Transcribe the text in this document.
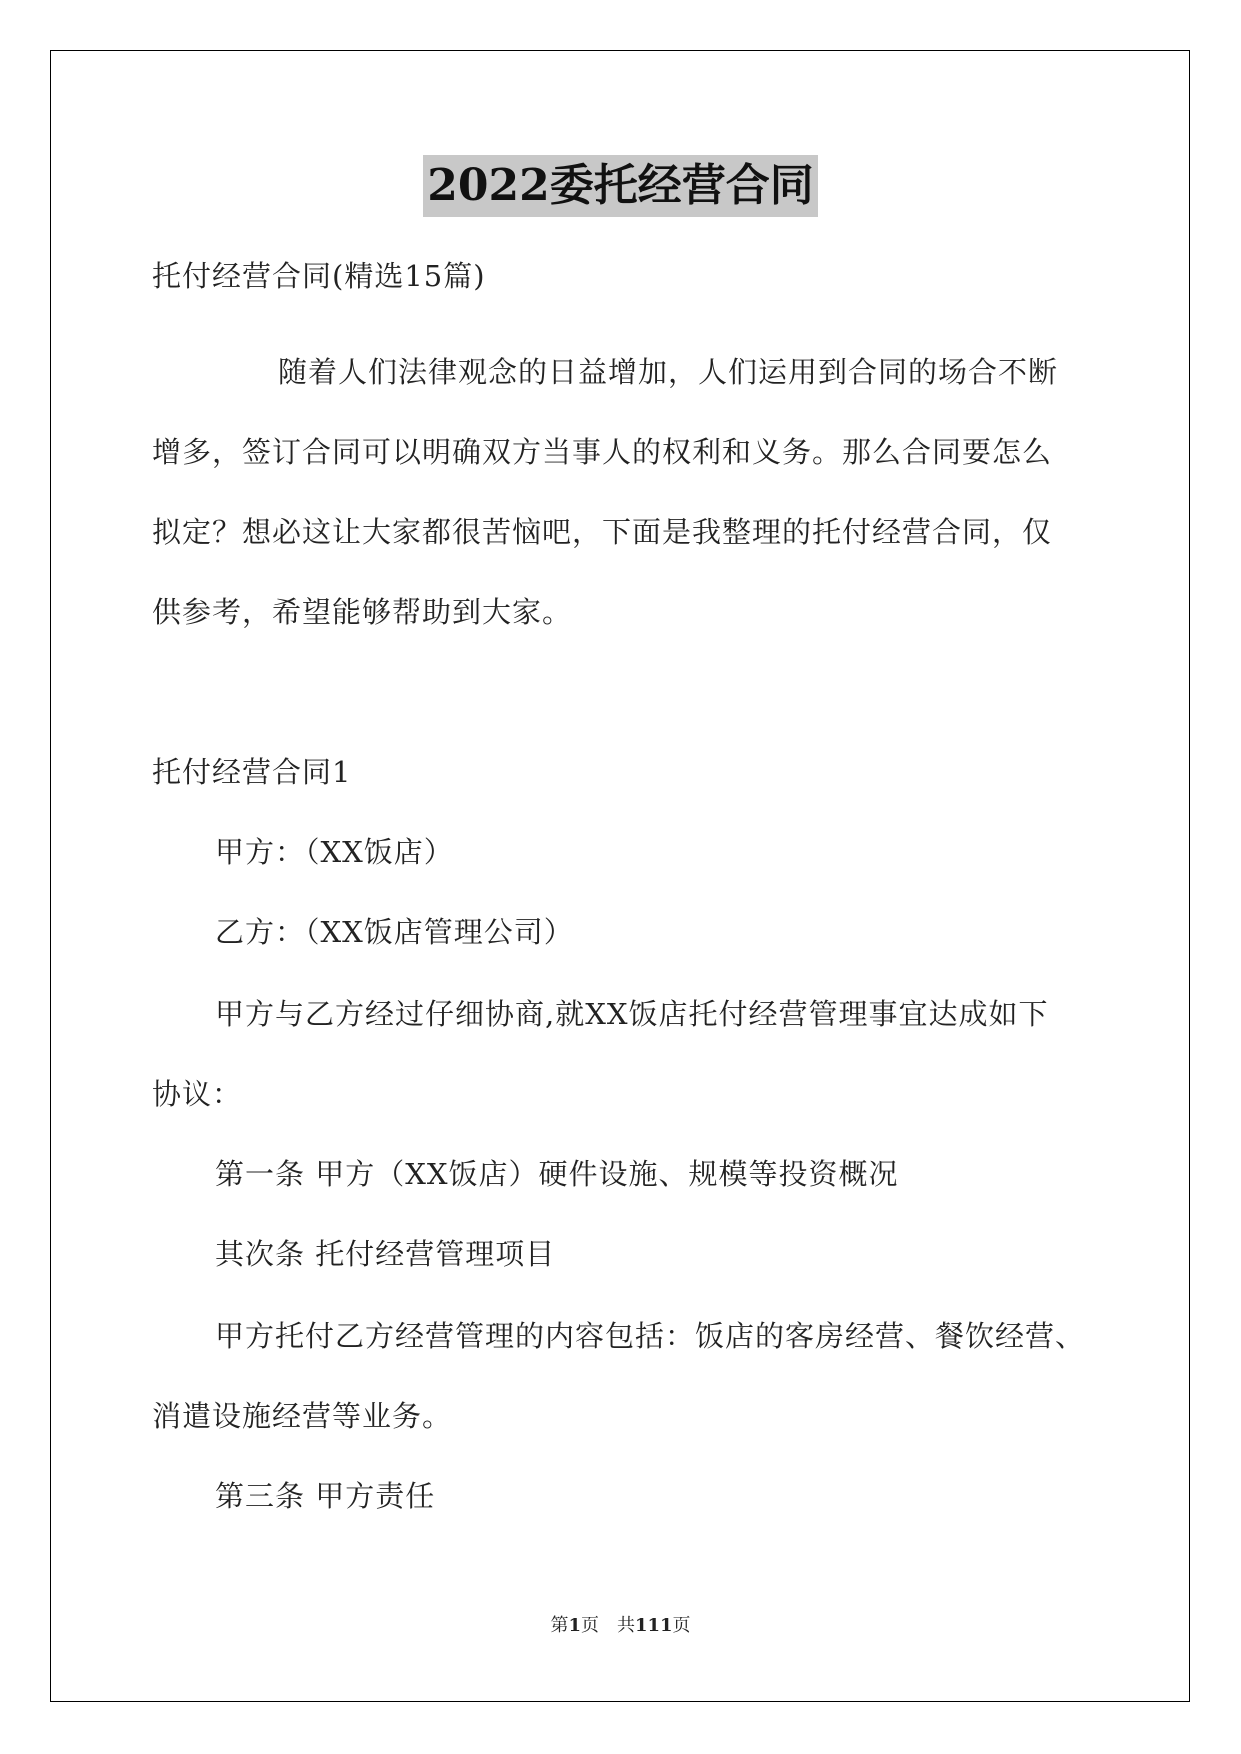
2022委托经营合同
托付经营合同(精选15篇)
随着人们法律观念的日益增加，人们运用到合同的场合不断
增多，签订合同可以明确双方当事人的权利和义务。那么合同要怎么
拟定？想必这让大家都很苦恼吧，下面是我整理的托付经营合同，仅
供参考，希望能够帮助到大家。
托付经营合同1
甲方：（XX饭店）
乙方：（XX饭店管理公司）
甲方与乙方经过仔细协商,就XX饭店托付经营管理事宜达成如下
协议：
第一条 甲方（XX饭店）硬件设施、规模等投资概况
其次条 托付经营管理项目
甲方托付乙方经营管理的内容包括：饭店的客房经营、餐饮经营、
消遣设施经营等业务。
第三条 甲方责任
第1页　共111页
